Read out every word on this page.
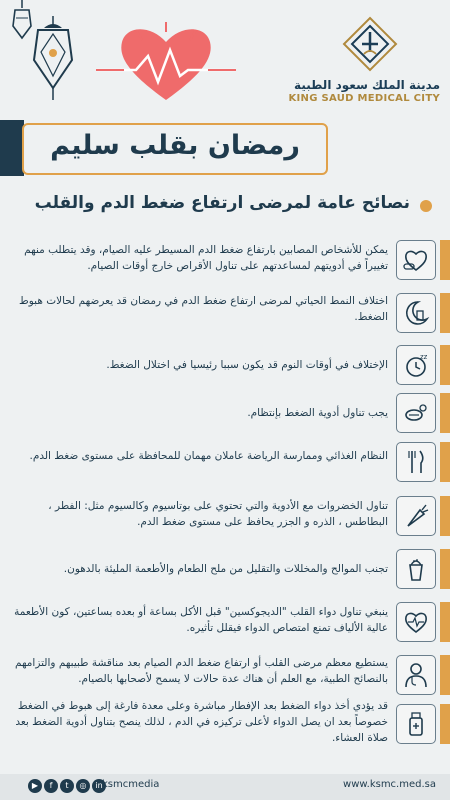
مدينة الملك سعود الطبية
KING SAUD MEDICAL CITY
رمضان بقلب سليم
نصائح عامة لمرضى ارتفاع ضغط الدم والقلب
يمكن للأشخاص المصابين بارتفاع ضغط الدم المسيطر عليه الصيام، وقد يتطلب منهم تغييراً في أدويتهم لمساعدتهم على تناول الأقراص خارج أوقات الصيام.
اختلاف النمط الحياتي لمرضى ارتفاع ضغط الدم في رمضان قد يعرضهم لحالات هبوط الضغط.
الإختلاف في أوقات النوم قد يكون سببا رئيسيا في اختلال الضغط.
zz
يجب تناول أدوية الضغط بإنتظام.
النظام الغذائي وممارسة الرياضة عاملان مهمان للمحافظة على مستوى ضغط الدم.
تناول الخضروات مع الأدوية والتي تحتوي على بوتاسيوم وكالسيوم مثل: الفطر ، البطاطس ، الذره و الجزر يحافظ على مستوى ضغط الدم.
تجنب الموالح والمخللات والتقليل من ملح الطعام والأطعمة المليئة بالدهون.
ينبغي تناول دواء القلب "الديجوكسين" قبل الأكل بساعة أو بعده بساعتين، كون الأطعمة عالية الألياف تمنع امتصاص الدواء فيقلل تأثيره.
يستطيع معظم مرضى القلب أو ارتفاع ضغط الدم الصيام بعد مناقشة طبيبهم والتزامهم بالنصائح الطبية، مع العلم أن هناك عدة حالات لا يسمح لأصحابها بالصيام.
قد يؤدي أخذ دواء الضغط بعد الإفطار مباشرة وعلى معدة فارغة إلى هبوط في الضغط خصوصاً بعد ان يصل الدواء لأعلى تركيزه في الدم ، لذلك ينصح بتناول أدوية الضغط بعد صلاة العشاء.
▶	f	t	◎	in ksmcmedia	www.ksmc.med.sa
